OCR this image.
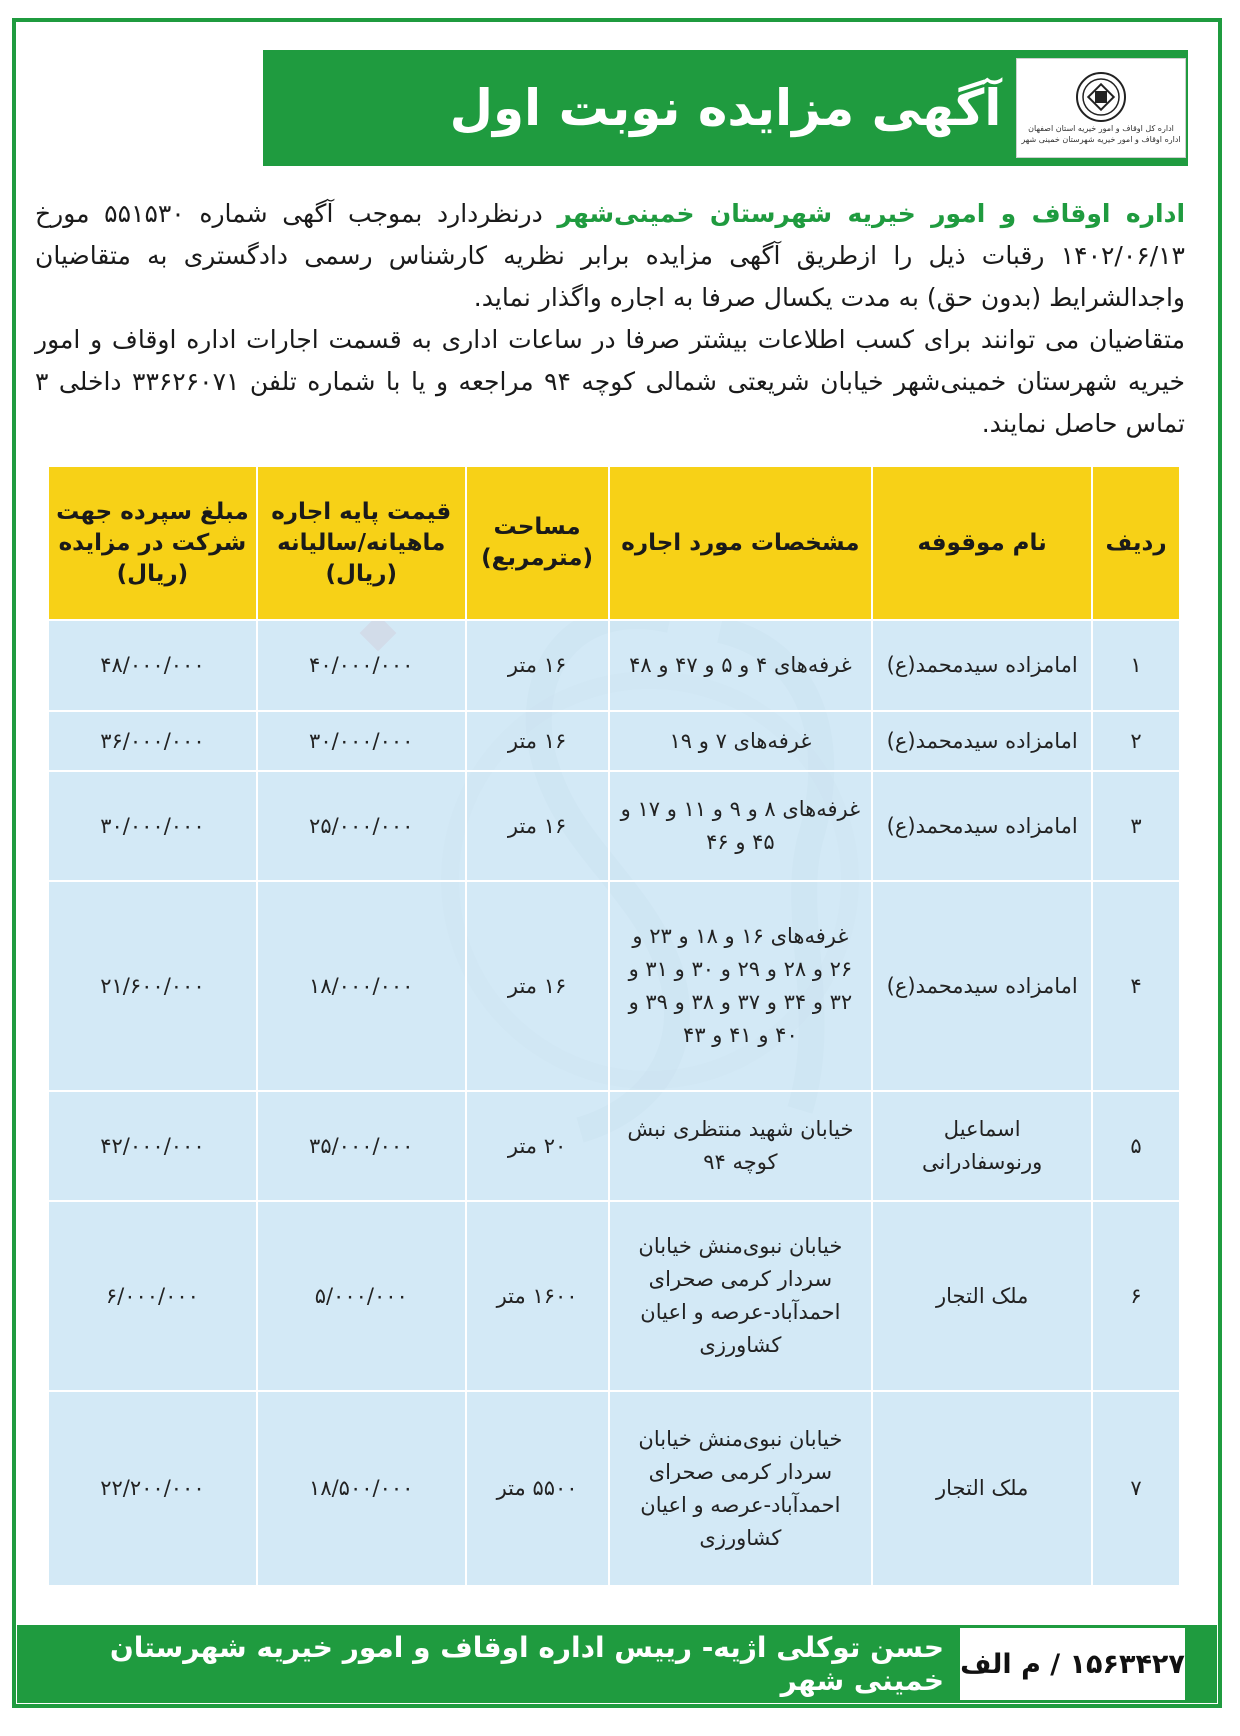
آگهی مزایده نوبت اول	اداره کل اوقاف و امور خیریه استان اصفهان
اداره اوقاف و امور خیریه شهرستان خمینی شهر
اداره اوقاف و امور خیریه شهرستان خمینی‌شهر درنظردارد بموجب آگهی شماره ۵۵۱۵۳۰ مورخ ۱۴۰۲/۰۶/۱۳ رقبات ذیل را ازطریق آگهی مزایده برابر نظریه کارشناس رسمی دادگستری به متقاضیان واجدالشرایط (بدون حق) به مدت یکسال صرفا به اجاره واگذار نماید.
متقاضیان می توانند برای کسب اطلاعات بیشتر صرفا در ساعات اداری به قسمت اجارات اداره اوقاف و امور خیریه شهرستان خمینی‌شهر خیابان شریعتی شمالی کوچه ۹۴ مراجعه و یا با شماره تلفن ۳۳۶۲۶۰۷۱ داخلی ۳ تماس حاصل نمایند.
ردیف	نام موقوفه	مشخصات مورد اجاره	مساحت (مترمربع)	قیمت پایه اجاره ماهیانه/سالیانه (ریال)	مبلغ سپرده جهت شرکت در مزایده (ریال)
۱	امامزاده سیدمحمد(ع)	غرفه‌های ۴ و ۵ و ۴۷ و ۴۸	۱۶ متر	۴۰/۰۰۰/۰۰۰	۴۸/۰۰۰/۰۰۰
۲	امامزاده سیدمحمد(ع)	غرفه‌های ۷ و ۱۹	۱۶ متر	۳۰/۰۰۰/۰۰۰	۳۶/۰۰۰/۰۰۰
۳	امامزاده سیدمحمد(ع)	غرفه‌های ۸ و ۹ و ۱۱ و ۱۷ و ۴۵ و ۴۶	۱۶ متر	۲۵/۰۰۰/۰۰۰	۳۰/۰۰۰/۰۰۰
۴	امامزاده سیدمحمد(ع)	غرفه‌های ۱۶ و ۱۸ و ۲۳ و ۲۶ و ۲۸ و ۲۹ و ۳۰ و ۳۱ و ۳۲ و ۳۴ و ۳۷ و ۳۸ و ۳۹ و ۴۰ و ۴۱ و ۴۳	۱۶ متر	۱۸/۰۰۰/۰۰۰	۲۱/۶۰۰/۰۰۰
۵	اسماعیل ورنوسفادرانی	خیابان شهید منتظری نبش کوچه ۹۴	۲۰ متر	۳۵/۰۰۰/۰۰۰	۴۲/۰۰۰/۰۰۰
۶	ملک التجار	خیابان نبوی‌منش خیابان سردار کرمی صحرای احمدآباد-عرصه و اعیان کشاورزی	۱۶۰۰ متر	۵/۰۰۰/۰۰۰	۶/۰۰۰/۰۰۰
۷	ملک التجار	خیابان نبوی‌منش خیابان سردار کرمی صحرای احمدآباد-عرصه و اعیان کشاورزی	۵۵۰۰ متر	۱۸/۵۰۰/۰۰۰	۲۲/۲۰۰/۰۰۰
حسن توکلی اژیه- رییس اداره اوقاف و امور خیریه شهرستان خمینی شهر ۱۵۶۳۴۲۷ / م الف
